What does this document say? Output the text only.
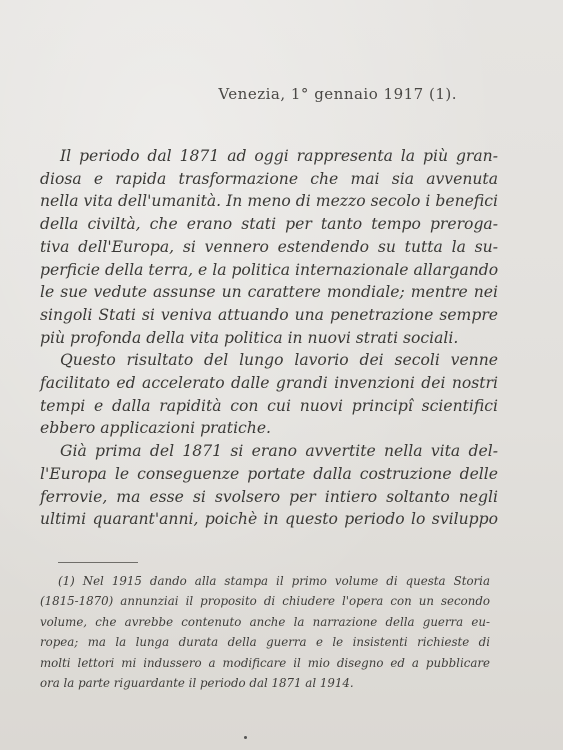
Venezia, 1° gennaio 1917 (1).
Il periodo dal 1871 ad oggi rappresenta la più gran-
diosa e rapida trasformazione che mai sia avvenuta
nella vita dell'umanità. In meno di mezzo secolo i benefici
della civiltà, che erano stati per tanto tempo preroga-
tiva dell'Europa, si vennero estendendo su tutta la su-
perficie della terra, e la politica internazionale allargando
le sue vedute assunse un carattere mondiale; mentre nei
singoli Stati si veniva attuando una penetrazione sempre
più profonda della vita politica in nuovi strati sociali.
Questo risultato del lungo lavorio dei secoli venne
facilitato ed accelerato dalle grandi invenzioni dei nostri
tempi e dalla rapidità con cui nuovi principî scientifici
ebbero applicazioni pratiche.
Già prima del 1871 si erano avvertite nella vita del-
l'Europa le conseguenze portate dalla costruzione delle
ferrovie, ma esse si svolsero per intiero soltanto negli
ultimi quarant'anni, poichè in questo periodo lo sviluppo
(1) Nel 1915 dando alla stampa il primo volume di questa Storia
(1815-1870) annunziai il proposito di chiudere l'opera con un secondo
volume, che avrebbe contenuto anche la narrazione della guerra eu-
ropea; ma la lunga durata della guerra e le insistenti richieste di
molti lettori mi indussero a modificare il mio disegno ed a pubblicare
ora la parte riguardante il periodo dal 1871 al 1914.
